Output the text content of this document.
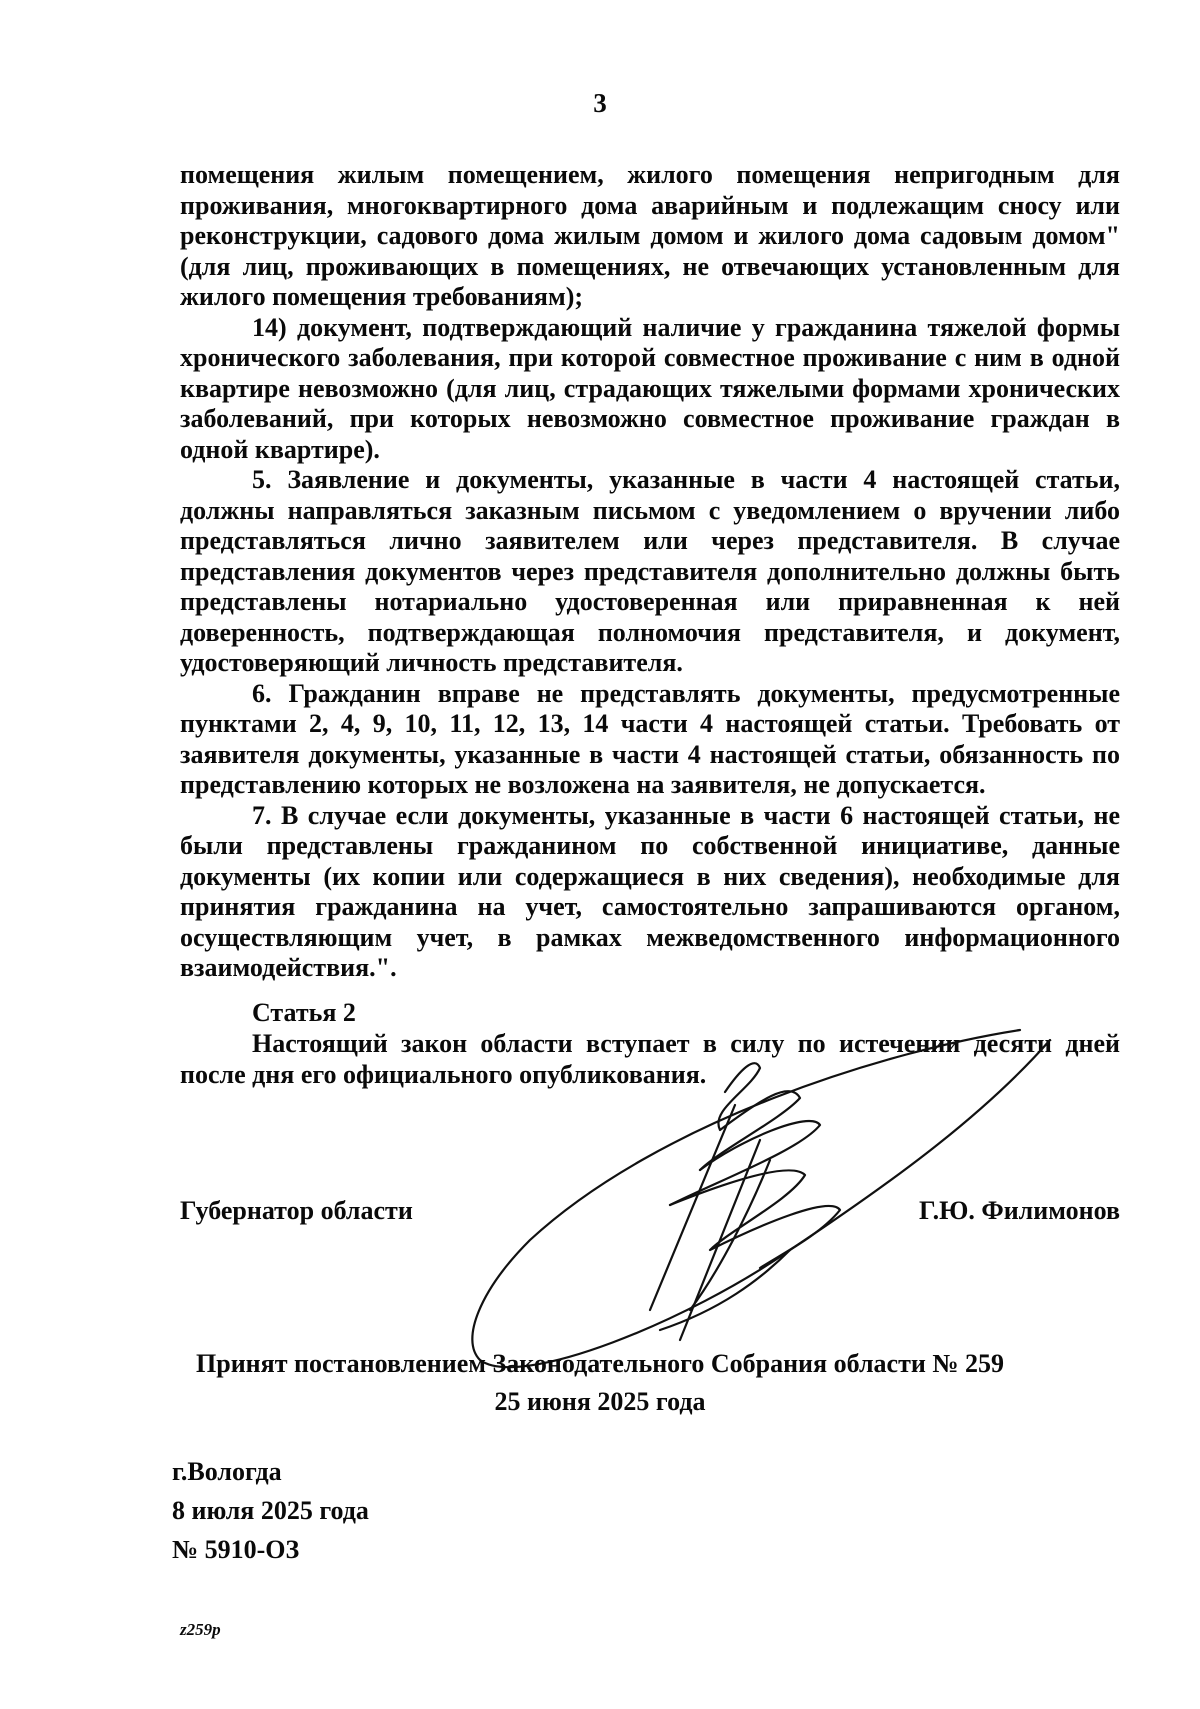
3

помещения жилым помещением, жилого помещения непригодным для проживания, многоквартирного дома аварийным и подлежащим сносу или реконструкции, садового дома жилым домом и жилого дома садовым домом" (для лиц, проживающих в помещениях, не отвечающих установленным для жилого помещения требованиям);

14) документ, подтверждающий наличие у гражданина тяжелой формы хронического заболевания, при которой совместное проживание с ним в одной квартире невозможно (для лиц, страдающих тяжелыми формами хронических заболеваний, при которых невозможно совместное проживание граждан в одной квартире).

5. Заявление и документы, указанные в части 4 настоящей статьи, должны направляться заказным письмом с уведомлением о вручении либо представляться лично заявителем или через представителя. В случае представления документов через представителя дополнительно должны быть представлены нотариально удостоверенная или приравненная к ней доверенность, подтверждающая полномочия представителя, и документ, удостоверяющий личность представителя.

6. Гражданин вправе не представлять документы, предусмотренные пунктами 2, 4, 9, 10, 11, 12, 13, 14 части 4 настоящей статьи. Требовать от заявителя документы, указанные в части 4 настоящей статьи, обязанность по представлению которых не возложена на заявителя, не допускается.

7. В случае если документы, указанные в части 6 настоящей статьи, не были представлены гражданином по собственной инициативе, данные документы (их копии или содержащиеся в них сведения), необходимые для принятия гражданина на учет, самостоятельно запрашиваются органом, осуществляющим учет, в рамках межведомственного информационного взаимодействия.".

Статья 2

Настоящий закон области вступает в силу по истечении десяти дней после дня его официального опубликования.

Губернатор области	Г.Ю. Филимонов
Принят постановлением Законодательного Собрания области № 259
25 июня 2025 года
г.Вологда
8 июля 2025 года
№ 5910-ОЗ
z259p
